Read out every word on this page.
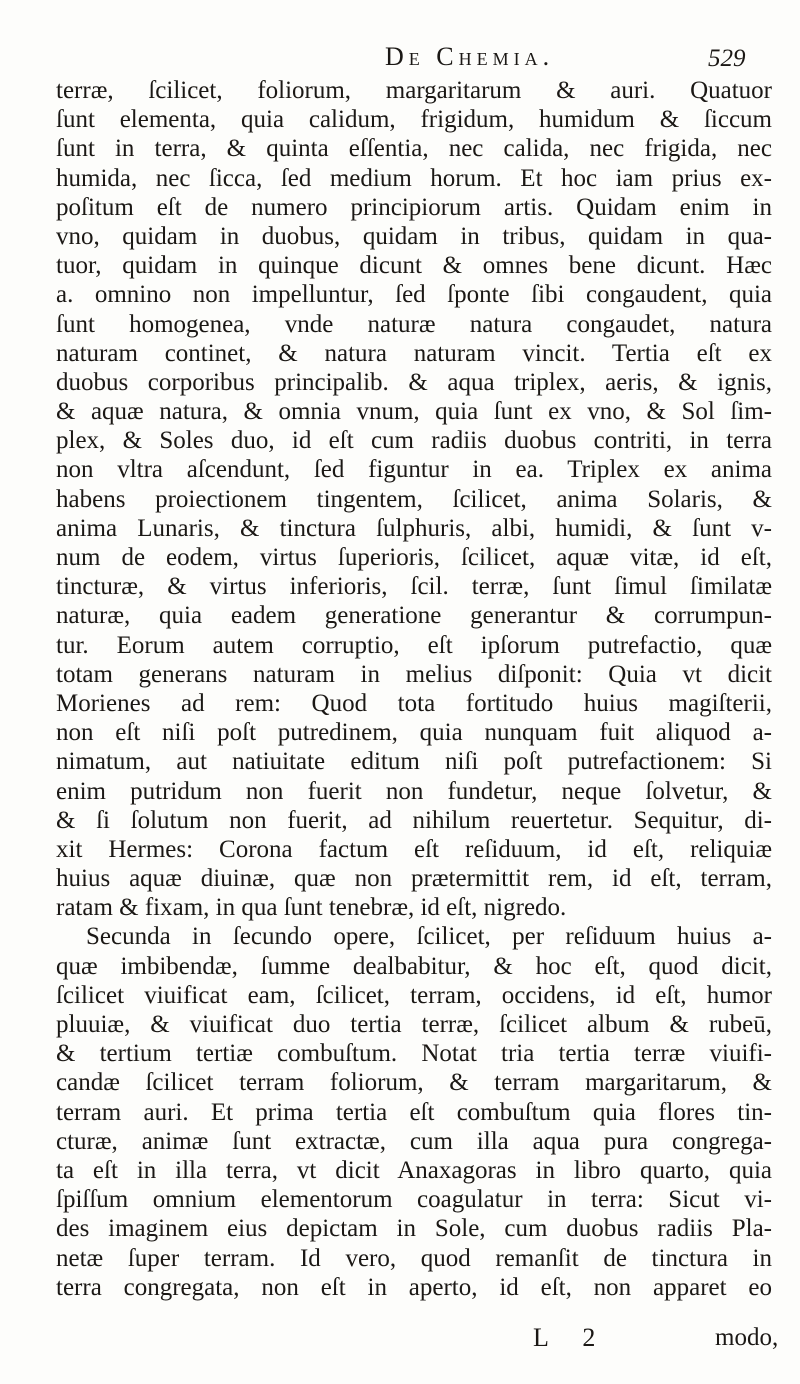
De Chemia.	529
terræ, ſcilicet, foliorum, margaritarum & auri. Quatuor
ſunt elementa, quia calidum, frigidum, humidum & ſiccum
ſunt in terra, & quinta eſſentia, nec calida, nec frigida, nec
humida, nec ſicca, ſed medium horum. Et hoc iam prius ex-
poſitum eſt de numero principiorum artis. Quidam enim in
vno, quidam in duobus, quidam in tribus, quidam in qua-
tuor, quidam in quinque dicunt & omnes bene dicunt. Hæc
a. omnino non impelluntur, ſed ſponte ſibi congaudent, quia
ſunt homogenea, vnde naturæ natura congaudet, natura
naturam continet, & natura naturam vincit. Tertia eſt ex
duobus corporibus principalib. & aqua triplex, aeris, & ignis,
& aquæ natura, & omnia vnum, quia ſunt ex vno, & Sol ſim-
plex, & Soles duo, id eſt cum radiis duobus contriti, in terra
non vltra aſcendunt, ſed figuntur in ea. Triplex ex anima
habens proiectionem tingentem, ſcilicet, anima Solaris, &
anima Lunaris, & tinctura ſulphuris, albi, humidi, & ſunt v-
num de eodem, virtus ſuperioris, ſcilicet, aquæ vitæ, id eſt,
tincturæ, & virtus inferioris, ſcil. terræ, ſunt ſimul ſimilatæ
naturæ, quia eadem generatione generantur & corrumpun-
tur. Eorum autem corruptio, eſt ipſorum putrefactio, quæ
totam generans naturam in melius diſponit: Quia vt dicit
Morienes ad rem: Quod tota fortitudo huius magiſterii,
non eſt niſi poſt putredinem, quia nunquam fuit aliquod a-
nimatum, aut natiuitate editum niſi poſt putrefactionem: Si
enim putridum non fuerit non fundetur, neque ſolvetur, &
& ſi ſolutum non fuerit, ad nihilum reuertetur. Sequitur, di-
xit Hermes: Corona factum eſt reſiduum, id eſt, reliquiæ
huius aquæ diuinæ, quæ non prætermittit rem, id eſt, terram,
ratam & fixam, in qua ſunt tenebræ, id eſt, nigredo.
Secunda in ſecundo opere, ſcilicet, per reſiduum huius a-
quæ imbibendæ, ſumme dealbabitur, & hoc eſt, quod dicit,
ſcilicet viuificat eam, ſcilicet, terram, occidens, id eſt, humor
pluuiæ, & viuificat duo tertia terræ, ſcilicet album & rubeū,
& tertium tertiæ combuſtum. Notat tria tertia terræ viuifi-
candæ ſcilicet terram foliorum, & terram margaritarum, &
terram auri. Et prima tertia eſt combuſtum quia flores tin-
cturæ, animæ ſunt extractæ, cum illa aqua pura congrega-
ta eſt in illa terra, vt dicit Anaxagoras in libro quarto, quia
ſpiſſum omnium elementorum coagulatur in terra: Sicut vi-
des imaginem eius depictam in Sole, cum duobus radiis Pla-
netæ ſuper terram. Id vero, quod remanſit de tinctura in
terra congregata, non eſt in aperto, id eſt, non apparet eo
L 2	modo,
